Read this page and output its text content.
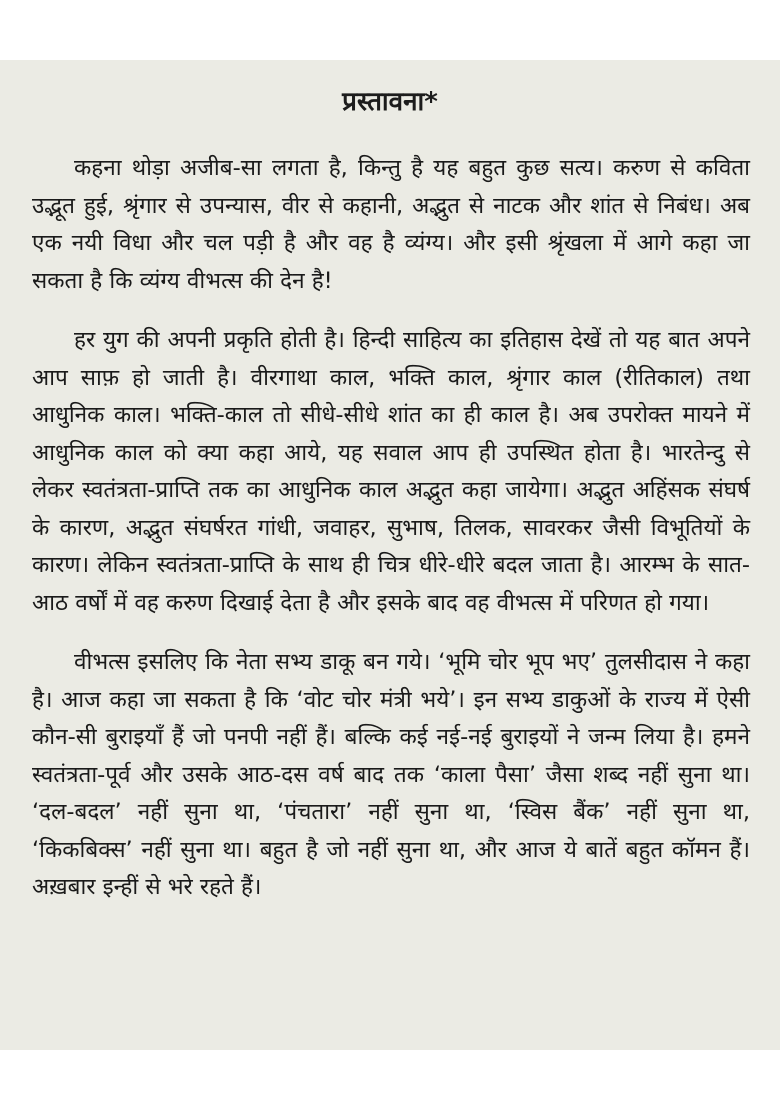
प्रस्तावना*

कहना थोड़ा अजीब-सा लगता है, किन्तु है यह बहुत कुछ सत्य। करुण से कविता उद्भूत हुई, श्रृंगार से उपन्यास, वीर से कहानी, अद्भुत से नाटक और शांत से निबंध। अब एक नयी विधा और चल पड़ी है और वह है व्यंग्य। और इसी श्रृंखला में आगे कहा जा सकता है कि व्यंग्य वीभत्स की देन है!

हर युग की अपनी प्रकृति होती है। हिन्दी साहित्य का इतिहास देखें तो यह बात अपने आप साफ़ हो जाती है। वीरगाथा काल, भक्ति काल, श्रृंगार काल (रीतिकाल) तथा आधुनिक काल। भक्ति-काल तो सीधे-सीधे शांत का ही काल है। अब उपरोक्त मायने में आधुनिक काल को क्या कहा आये, यह सवाल आप ही उपस्थित होता है। भारतेन्दु से लेकर स्वतंत्रता-प्राप्ति तक का आधुनिक काल अद्भुत कहा जायेगा। अद्भुत अहिंसक संघर्ष के कारण, अद्भुत संघर्षरत गांधी, जवाहर, सुभाष, तिलक, सावरकर जैसी विभूतियों के कारण। लेकिन स्वतंत्रता-प्राप्ति के साथ ही चित्र धीरे-धीरे बदल जाता है। आरम्भ के सात-आठ वर्षों में वह करुण दिखाई देता है और इसके बाद वह वीभत्स में परिणत हो गया।

वीभत्स इसलिए कि नेता सभ्य डाकू बन गये। ‘भूमि चोर भूप भए’ तुलसीदास ने कहा है। आज कहा जा सकता है कि ‘वोट चोर मंत्री भये’। इन सभ्य डाकुओं के राज्य में ऐसी कौन-सी बुराइयाँ हैं जो पनपी नहीं हैं। बल्कि कई नई-नई बुराइयों ने जन्म लिया है। हमने स्वतंत्रता-पूर्व और उसके आठ-दस वर्ष बाद तक ‘काला पैसा’ जैसा शब्द नहीं सुना था। ‘दल-बदल’ नहीं सुना था, ‘पंचतारा’ नहीं सुना था, ‘स्विस बैंक’ नहीं सुना था, ‘किकबिक्स’ नहीं सुना था। बहुत है जो नहीं सुना था, और आज ये बातें बहुत कॉमन हैं। अख़बार इन्हीं से भरे रहते हैं।
